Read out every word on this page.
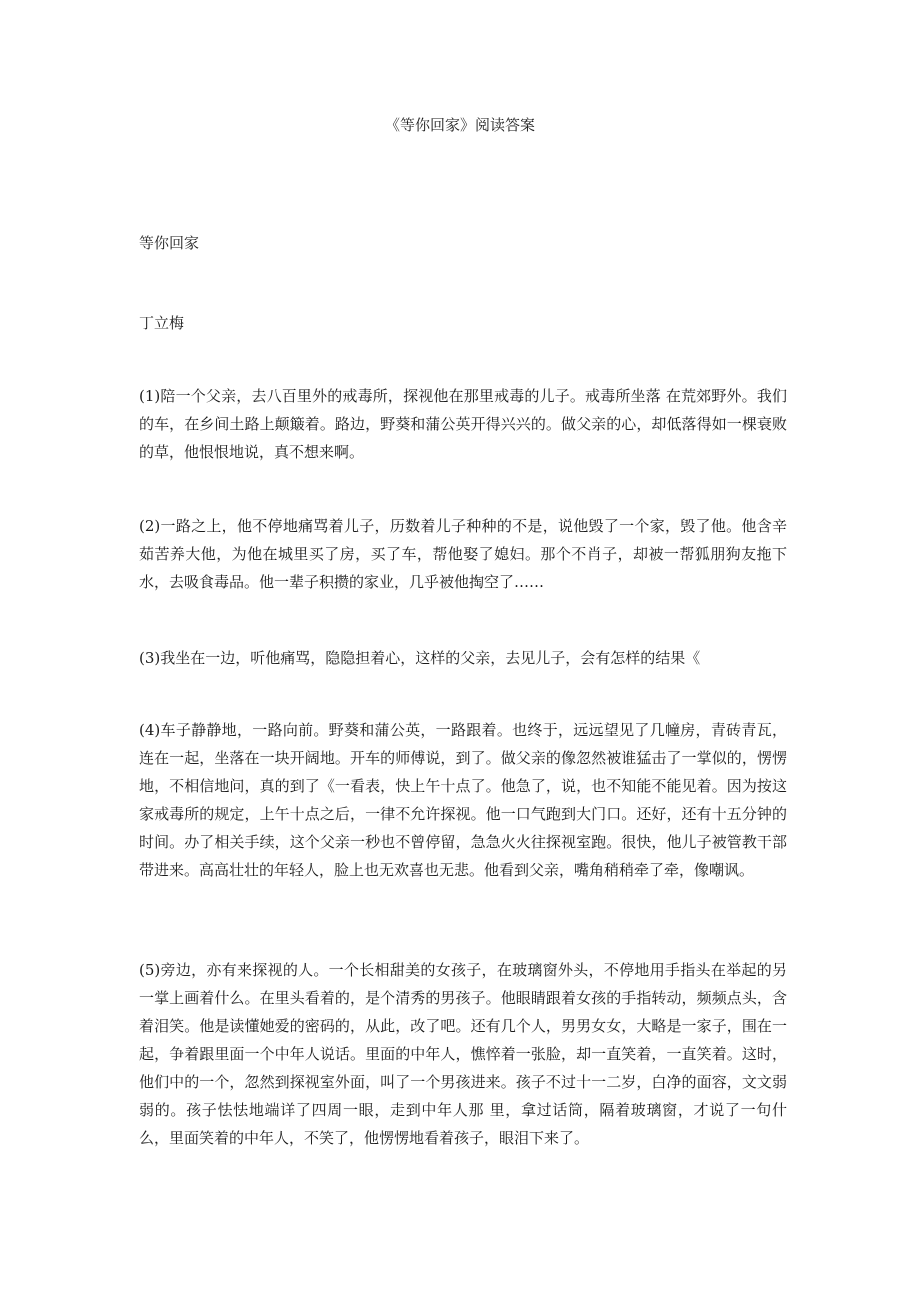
《等你回家》阅读答案
等你回家
丁立梅

(1)陪一个父亲，去八百里外的戒毒所，探视他在那里戒毒的儿子。戒毒所坐落 在荒郊野外。我们的车，在乡间土路上颠簸着。路边，野葵和蒲公英开得兴兴的。做父亲的心，却低落得如一棵衰败的草，他恨恨地说，真不想来啊。

(2)一路之上，他不停地痛骂着儿子，历数着儿子种种的不是，说他毁了一个家，毁了他。他含辛茹苦养大他，为他在城里买了房，买了车，帮他娶了媳妇。那个不肖子，却被一帮狐朋狗友拖下水，去吸食毒品。他一辈子积攒的家业，几乎被他掏空了……

(3)我坐在一边，听他痛骂，隐隐担着心，这样的父亲，去见儿子，会有怎样的结果《

(4)车子静静地，一路向前。野葵和蒲公英，一路跟着。也终于，远远望见了几幢房，青砖青瓦，连在一起，坐落在一块开阔地。开车的师傅说，到了。做父亲的像忽然被谁猛击了一掌似的，愣愣地，不相信地问，真的到了《一看表，快上午十点了。他急了，说，也不知能不能见着。因为按这家戒毒所的规定，上午十点之后，一律不允许探视。他一口气跑到大门口。还好，还有十五分钟的时间。办了相关手续，这个父亲一秒也不曾停留，急急火火往探视室跑。很快，他儿子被管教干部带进来。高高壮壮的年轻人，脸上也无欢喜也无悲。他看到父亲，嘴角稍稍牵了牵，像嘲讽。

(5)旁边，亦有来探视的人。一个长相甜美的女孩子，在玻璃窗外头，不停地用手指头在举起的另一掌上画着什么。在里头看着的，是个清秀的男孩子。他眼睛跟着女孩的手指转动，频频点头，含着泪笑。他是读懂她爱的密码的，从此，改了吧。还有几个人，男男女女，大略是一家子，围在一起，争着跟里面一个中年人说话。里面的中年人，憔悴着一张脸，却一直笑着，一直笑着。这时，他们中的一个，忽然到探视室外面，叫了一个男孩进来。孩子不过十一二岁，白净的面容，文文弱弱的。孩子怯怯地端详了四周一眼，走到中年人那 里，拿过话筒，隔着玻璃窗，才说了一句什么，里面笑着的中年人，不笑了，他愣愣地看着孩子，眼泪下来了。
